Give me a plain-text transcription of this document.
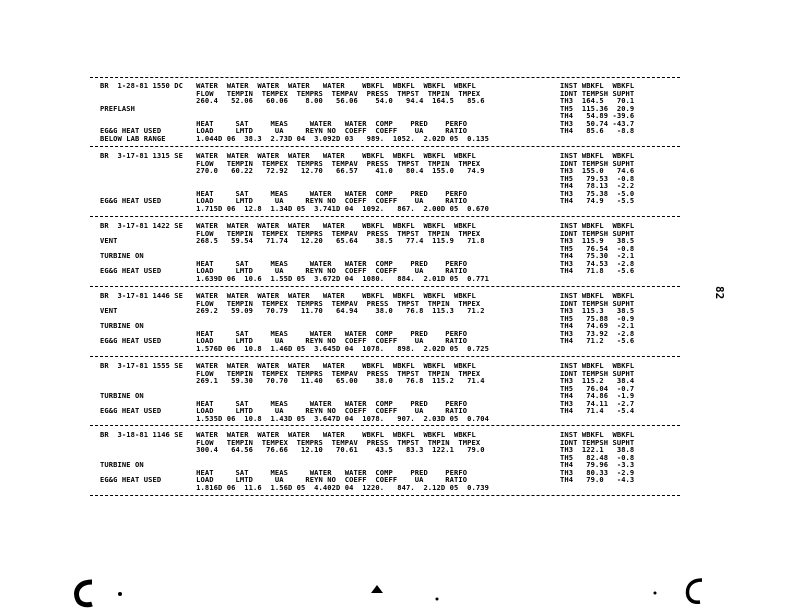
BR  1-28-81 1550 DC   WATER  WATER  WATER  WATER   WATER    WBKFL  WBKFL  WBKFL  WBKFL
FLOW   TEMPIN  TEMPEX  TEMPRS  TEMPAV  PRESS  TMPST  TMPIN  TMPEX
260.4   52.06   60.06    8.00   56.06    54.0   94.4  164.5   85.6
PREFLASH
HEAT     SAT     MEAS     WATER   WATER  COMP    PRED    PERFO
EG&G HEAT USED        LOAD     LMTD     UA     REYN NO  COEFF  COEFF    UA     RATIO
BELOW LAB RANGE       1.044D 06  38.3  2.73D 04  3.092D 03   989.  1052.  2.02D 05  0.135
INST WBKFL  WBKFL
IDNT TEMPSH SUPHT
TH3  164.5   70.1
TH5  115.36  20.9
TH4   54.89 -39.6
TH3   50.74 -43.7
TH4   85.6   -8.8
BR  3-17-81 1315 SE   WATER  WATER  WATER  WATER   WATER    WBKFL  WBKFL  WBKFL  WBKFL
FLOW   TEMPIN  TEMPEX  TEMPRS  TEMPAV  PRESS  TMPST  TMPIN  TMPEX
270.0   60.22   72.92   12.70   66.57    41.0   80.4  155.0   74.9
HEAT     SAT     MEAS     WATER   WATER  COMP    PRED    PERFO
EG&G HEAT USED        LOAD     LMTD     UA     REYN NO  COEFF  COEFF    UA     RATIO
1.715D 06  12.8  1.34D 05  3.741D 04  1092.   867.  2.00D 05  0.670
INST WBKFL  WBKFL
IDNT TEMPSH SUPHT
TH3  155.0   74.6
TH5   79.53  -0.8
TH4   78.13  -2.2
TH3   75.38  -5.0
TH4   74.9   -5.5
BR  3-17-81 1422 SE   WATER  WATER  WATER  WATER   WATER    WBKFL  WBKFL  WBKFL  WBKFL
FLOW   TEMPIN  TEMPEX  TEMPRS  TEMPAV  PRESS  TMPST  TMPIN  TMPEX
VENT                  268.5   59.54   71.74   12.20   65.64    38.5   77.4  115.9   71.8
TURBINE ON
HEAT     SAT     MEAS     WATER   WATER  COMP    PRED    PERFO
EG&G HEAT USED        LOAD     LMTD     UA     REYN NO  COEFF  COEFF    UA     RATIO
1.639D 06  10.6  1.55D 05  3.672D 04  1080.   884.  2.01D 05  0.771
INST WBKFL  WBKFL
IDNT TEMPSH SUPHT
TH3  115.9   38.5
TH5   76.54  -0.8
TH4   75.30  -2.1
TH3   74.53  -2.8
TH4   71.8   -5.6
BR  3-17-81 1446 SE   WATER  WATER  WATER  WATER   WATER    WBKFL  WBKFL  WBKFL  WBKFL
FLOW   TEMPIN  TEMPEX  TEMPRS  TEMPAV  PRESS  TMPST  TMPIN  TMPEX
VENT                  269.2   59.09   70.79   11.70   64.94    38.0   76.8  115.3   71.2
TURBINE ON
HEAT     SAT     MEAS     WATER   WATER  COMP    PRED    PERFO
EG&G HEAT USED        LOAD     LMTD     UA     REYN NO  COEFF  COEFF    UA     RATIO
1.576D 06  10.8  1.46D 05  3.645D 04  1078.   898.  2.02D 05  0.725
INST WBKFL  WBKFL
IDNT TEMPSH SUPHT
TH3  115.3   38.5
TH5   75.88  -0.9
TH4   74.69  -2.1
TH3   73.92  -2.8
TH4   71.2   -5.6
BR  3-17-81 1555 SE   WATER  WATER  WATER  WATER   WATER    WBKFL  WBKFL  WBKFL  WBKFL
FLOW   TEMPIN  TEMPEX  TEMPRS  TEMPAV  PRESS  TMPST  TMPIN  TMPEX
269.1   59.30   70.70   11.40   65.00    38.0   76.8  115.2   71.4
TURBINE ON
HEAT     SAT     MEAS     WATER   WATER  COMP    PRED    PERFO
EG&G HEAT USED        LOAD     LMTD     UA     REYN NO  COEFF  COEFF    UA     RATIO
1.535D 06  10.8  1.43D 05  3.647D 04  1078.   907.  2.03D 05  0.704
INST WBKFL  WBKFL
IDNT TEMPSH SUPHT
TH3  115.2   38.4
TH5   76.04  -0.7
TH4   74.86  -1.9
TH3   74.11  -2.7
TH4   71.4   -5.4
BR  3-18-81 1146 SE   WATER  WATER  WATER  WATER   WATER    WBKFL  WBKFL  WBKFL  WBKFL
FLOW   TEMPIN  TEMPEX  TEMPRS  TEMPAV  PRESS  TMPST  TMPIN  TMPEX
300.4   64.56   76.66   12.10   70.61    43.5   83.3  122.1   79.0
TURBINE ON
HEAT     SAT     MEAS     WATER   WATER  COMP    PRED    PERFO
EG&G HEAT USED        LOAD     LMTD     UA     REYN NO  COEFF  COEFF    UA     RATIO
1.816D 06  11.6  1.56D 05  4.402D 04  1220.   847.  2.12D 05  0.739
INST WBKFL  WBKFL
IDNT TEMPSH SUPHT
TH3  122.1   38.8
TH5   82.48  -0.8
TH4   79.96  -3.3
TH3   80.33  -2.9
TH4   79.0   -4.3
82
